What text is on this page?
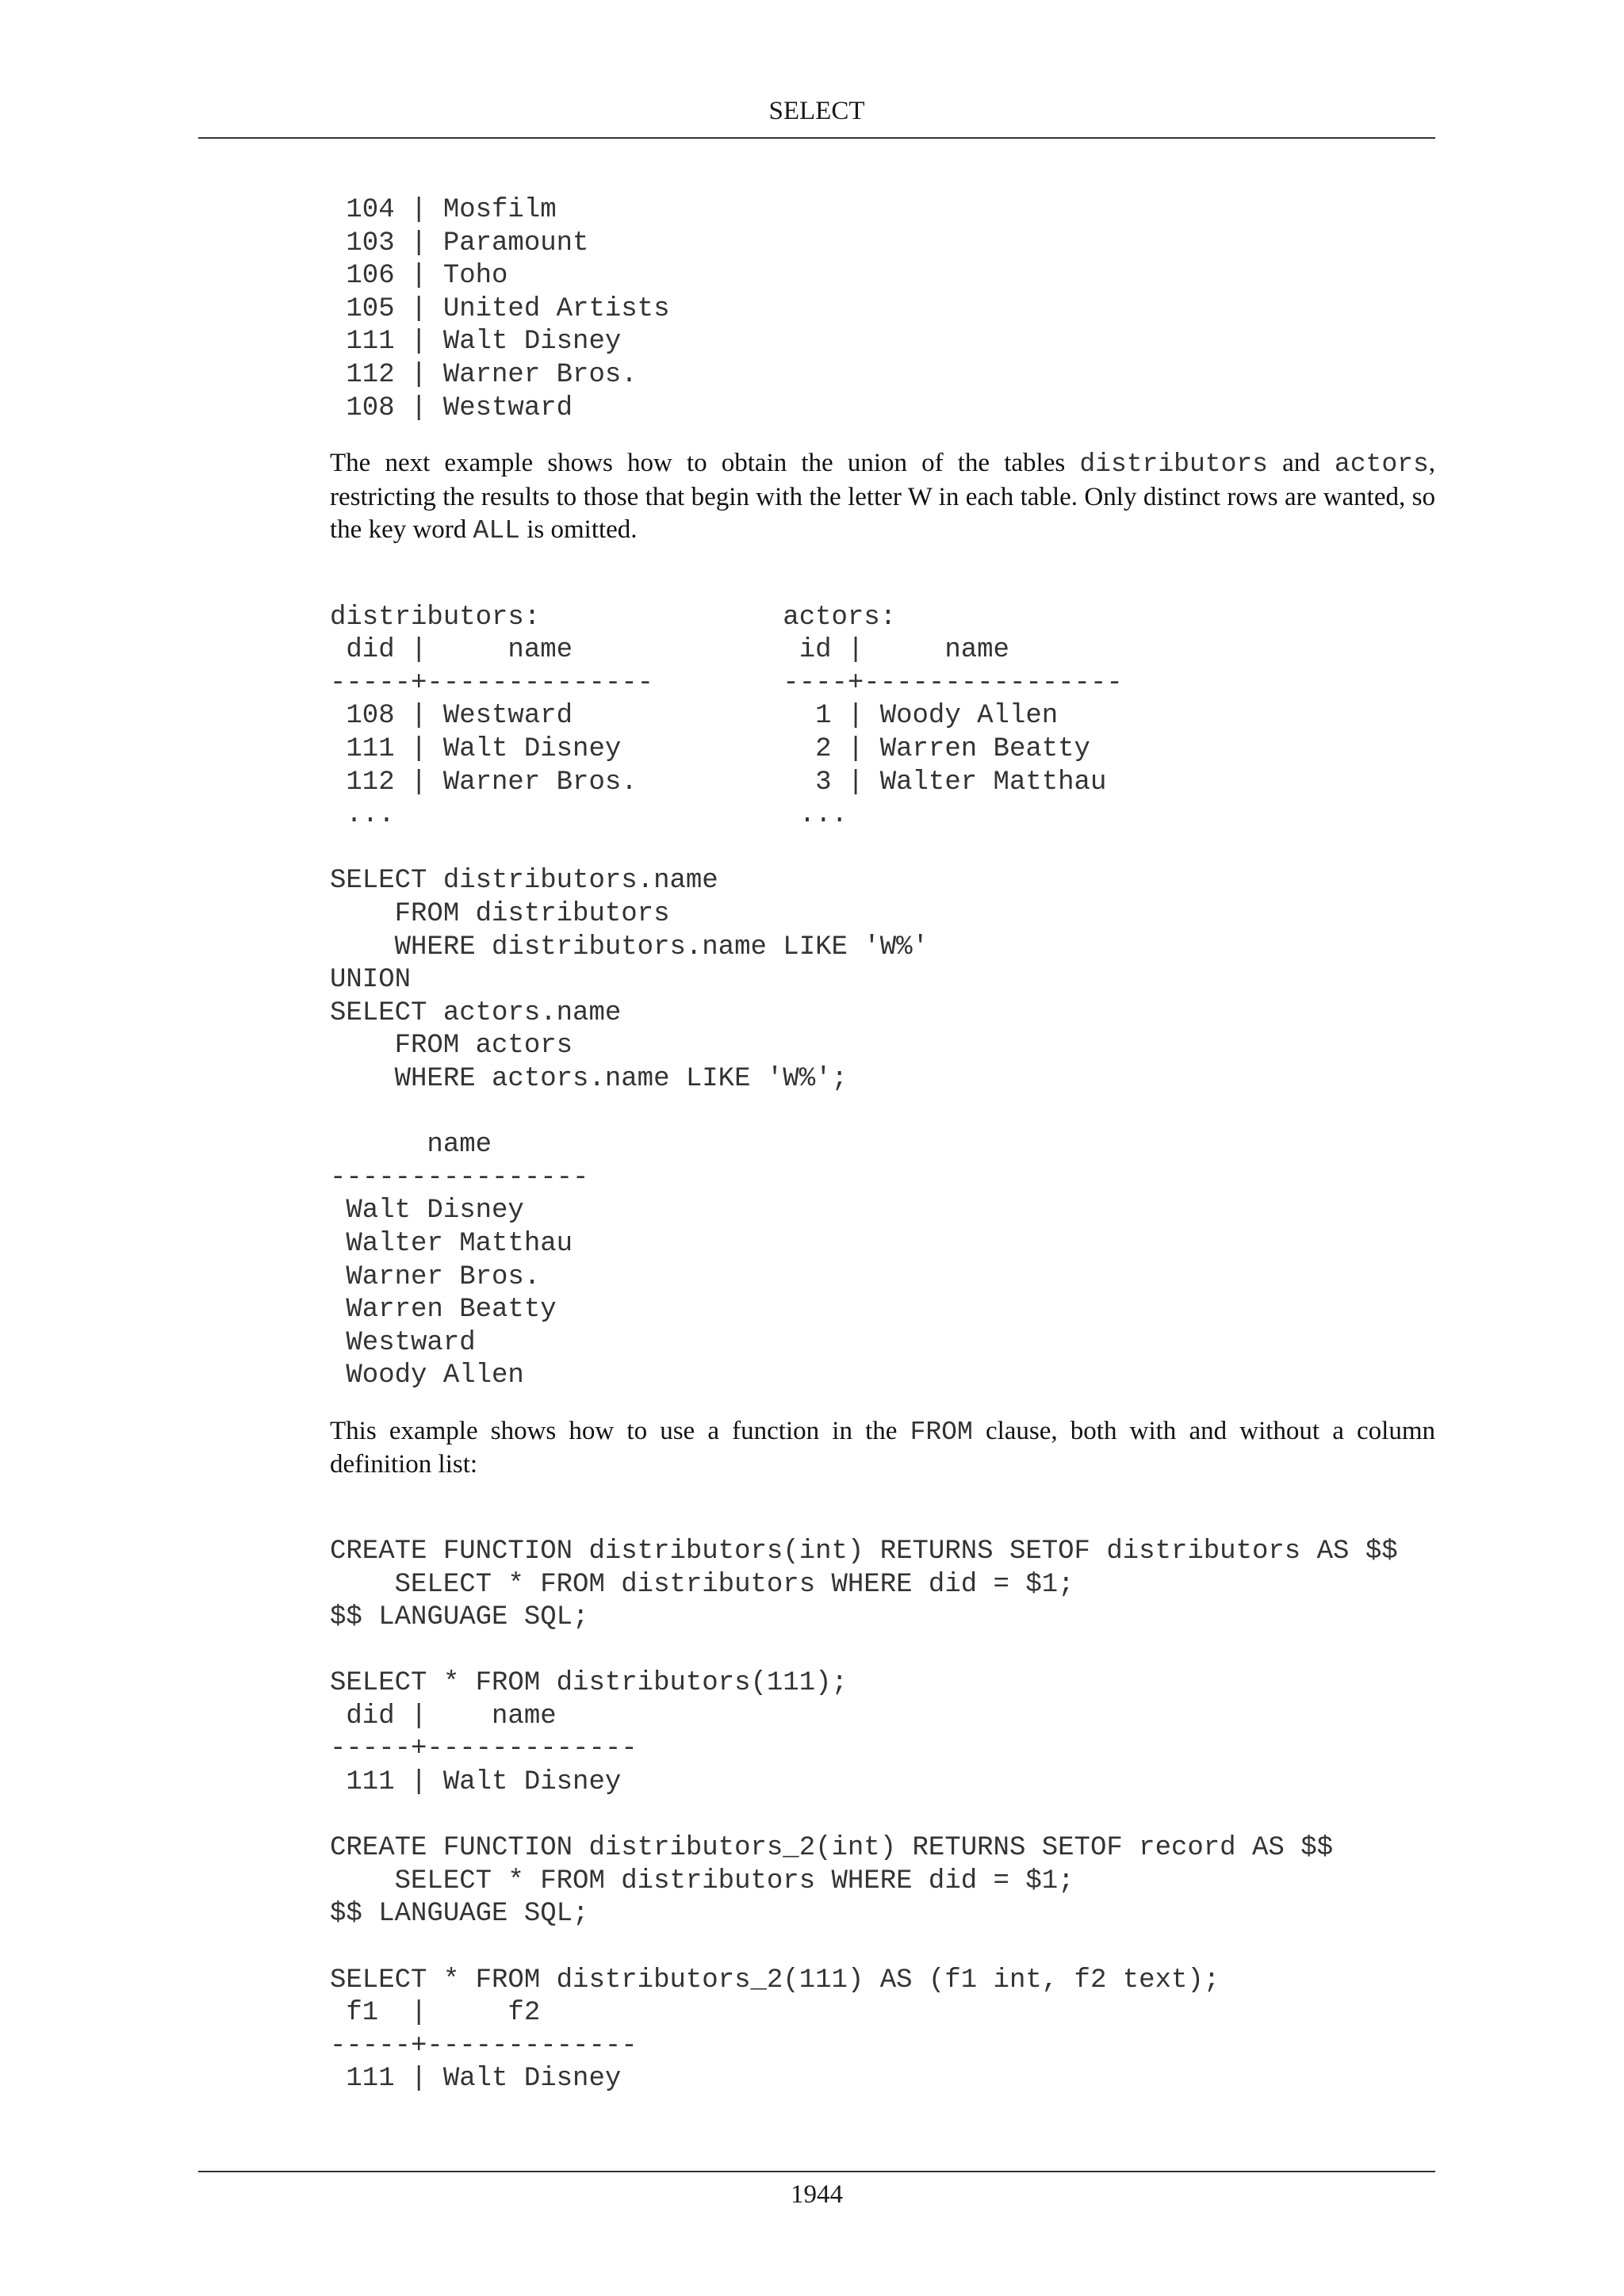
SELECT
104 | Mosfilm
103 | Paramount
106 | Toho
105 | United Artists
111 | Walt Disney
112 | Warner Bros.
108 | Westward

The next example shows how to obtain the union of the tables distributors and actors, restricting the results to those that begin with the letter W in each table. Only distinct rows are wanted, so the key word ALL is omitted.

distributors:               actors:
did |     name              id |     name
-----+--------------        ----+----------------
108 | Westward               1 | Woody Allen
111 | Walt Disney            2 | Warren Beatty
112 | Warner Bros.           3 | Walter Matthau
...                         ...
SELECT distributors.name
FROM distributors
WHERE distributors.name LIKE 'W%'
UNION
SELECT actors.name
FROM actors
WHERE actors.name LIKE 'W%';
name
----------------
Walt Disney
Walter Matthau
Warner Bros.
Warren Beatty
Westward
Woody Allen

This example shows how to use a function in the FROM clause, both with and without a column definition list:

CREATE FUNCTION distributors(int) RETURNS SETOF distributors AS $$
SELECT * FROM distributors WHERE did = $1;
$$ LANGUAGE SQL;
SELECT * FROM distributors(111);
did |    name
-----+-------------
111 | Walt Disney
CREATE FUNCTION distributors_2(int) RETURNS SETOF record AS $$
SELECT * FROM distributors WHERE did = $1;
$$ LANGUAGE SQL;
SELECT * FROM distributors_2(111) AS (f1 int, f2 text);
f1  |     f2
-----+-------------
111 | Walt Disney
1944
